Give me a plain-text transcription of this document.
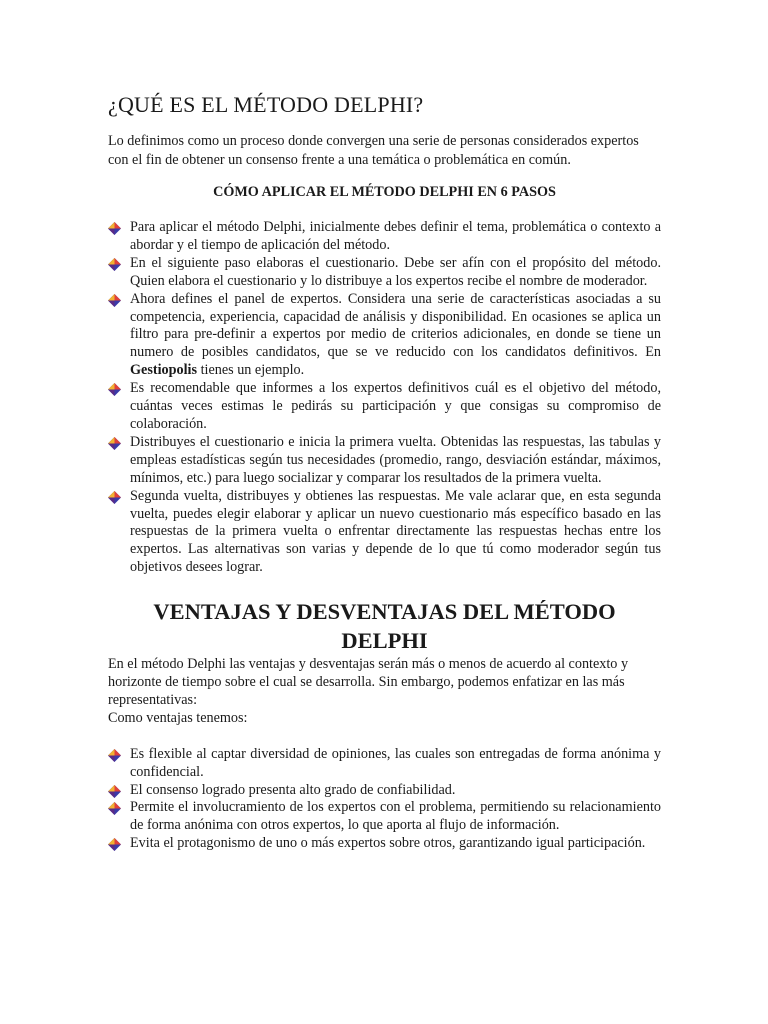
¿QUÉ ES EL MÉTODO DELPHI?

Lo definimos como un proceso donde convergen una serie de personas considerados expertos con el fin de obtener un consenso frente a una temática o problemática en común.

CÓMO APLICAR EL MÉTODO DELPHI EN 6 PASOS
Para aplicar el método Delphi, inicialmente debes definir el tema, problemática o contexto a abordar y el tiempo de aplicación del método.
En el siguiente paso elaboras el cuestionario. Debe ser afín con el propósito del método. Quien elabora el cuestionario y lo distribuye a los expertos recibe el nombre de moderador.
Ahora defines el panel de expertos. Considera una serie de características asociadas a su competencia, experiencia, capacidad de análisis y disponibilidad. En ocasiones se aplica un filtro para pre-definir a expertos por medio de criterios adicionales, en donde se tiene un numero de posibles candidatos, que se ve reducido con los candidatos definitivos. En Gestiopolis tienes un ejemplo.
Es recomendable que informes a los expertos definitivos cuál es el objetivo del método, cuántas veces estimas le pedirás su participación y que consigas su compromiso de colaboración.
Distribuyes el cuestionario e inicia la primera vuelta. Obtenidas las respuestas, las tabulas y empleas estadísticas según tus necesidades (promedio, rango, desviación estándar, máximos, mínimos, etc.) para luego socializar y comparar los resultados de la primera vuelta.
Segunda vuelta, distribuyes y obtienes las respuestas. Me vale aclarar que, en esta segunda vuelta, puedes elegir elaborar y aplicar un nuevo cuestionario más específico basado en las respuestas de la primera vuelta o enfrentar directamente las respuestas hechas entre los expertos. Las alternativas son varias y depende de lo que tú como moderador según tus objetivos desees lograr.
VENTAJAS Y DESVENTAJAS DEL MÉTODO DELPHI

En el método Delphi las ventajas y desventajas serán más o menos de acuerdo al contexto y horizonte de tiempo sobre el cual se desarrolla. Sin embargo, podemos enfatizar en las más representativas:

Como ventajas tenemos:

Es flexible al captar diversidad de opiniones, las cuales son entregadas de forma anónima y confidencial.
El consenso logrado presenta alto grado de confiabilidad.
Permite el involucramiento de los expertos con el problema, permitiendo su relacionamiento de forma anónima con otros expertos, lo que aporta al flujo de información.
Evita el protagonismo de uno o más expertos sobre otros, garantizando igual participación.
